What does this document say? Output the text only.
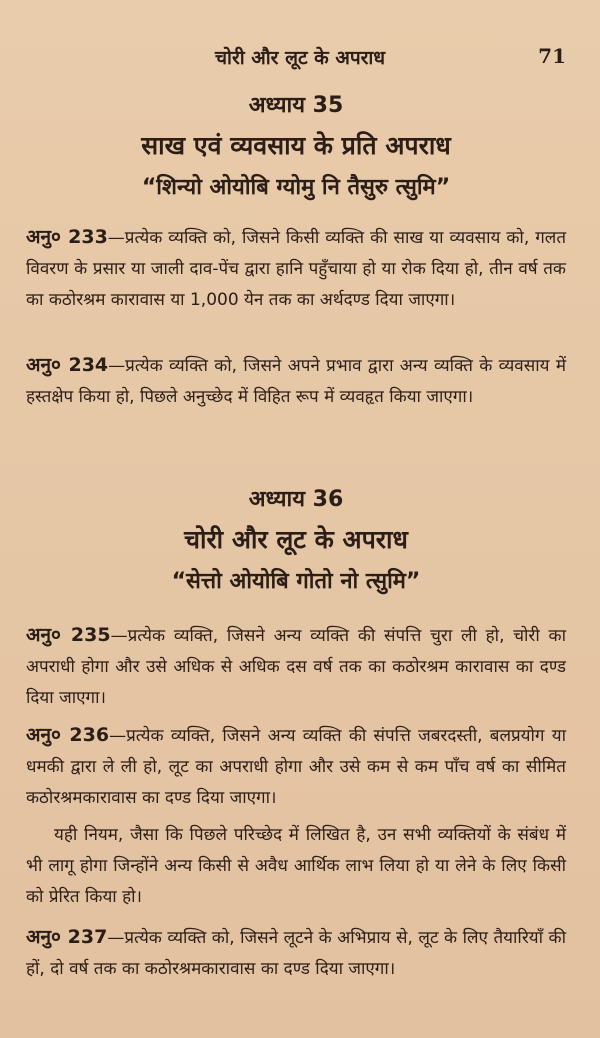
चोरी और लूट के अपराध	71
अध्याय 35
साख एवं व्यवसाय के प्रति अपराध
“शिन्यो ओयोबि ग्योमु नि तैसुरु त्सुमि”
अनु० 233—प्रत्येक व्यक्ति को, जिसने किसी व्यक्ति की साख या व्यवसाय को, गलत विवरण के प्रसार या जाली दाव-पेंच द्वारा हानि पहुँचाया हो या रोक दिया हो, तीन वर्ष तक का कठोरश्रम कारावास या 1,000 येन तक का अर्थदण्ड दिया जाएगा।
अनु० 234—प्रत्येक व्यक्ति को, जिसने अपने प्रभाव द्वारा अन्य व्यक्ति के व्यवसाय में हस्तक्षेप किया हो, पिछले अनुच्छेद में विहित रूप में व्यवहृत किया जाएगा।
अध्याय 36
चोरी और लूट के अपराध
“सेत्तो ओयोबि गोतो नो त्सुमि”
अनु० 235—प्रत्येक व्यक्ति, जिसने अन्य व्यक्ति की संपत्ति चुरा ली हो, चोरी का अपराधी होगा और उसे अधिक से अधिक दस वर्ष तक का कठोरश्रम कारावास का दण्ड दिया जाएगा।
अनु० 236—प्रत्येक व्यक्ति, जिसने अन्य व्यक्ति की संपत्ति जबरदस्ती, बलप्रयोग या धमकी द्वारा ले ली हो, लूट का अपराधी होगा और उसे कम से कम पाँच वर्ष का सीमित कठोरश्रमकारावास का दण्ड दिया जाएगा।
यही नियम, जैसा कि पिछले परिच्छेद में लिखित है, उन सभी व्यक्तियों के संबंध में भी लागू होगा जिन्होंने अन्य किसी से अवैध आर्थिक लाभ लिया हो या लेने के लिए किसी को प्रेरित किया हो।
अनु० 237—प्रत्येक व्यक्ति को, जिसने लूटने के अभिप्राय से, लूट के लिए तैयारियाँ की हों, दो वर्ष तक का कठोरश्रमकारावास का दण्ड दिया जाएगा।
